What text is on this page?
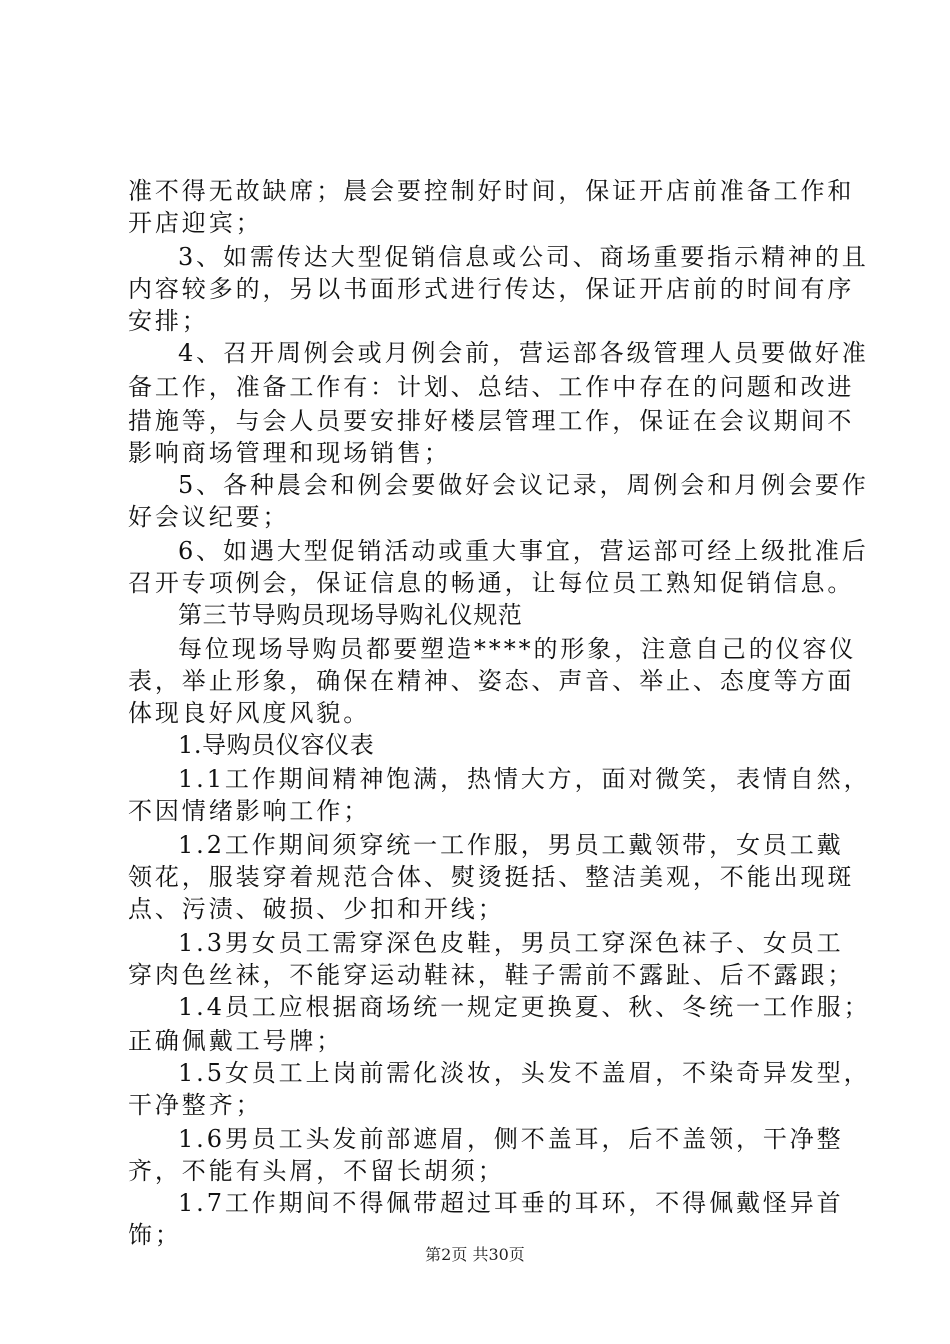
准不得无故缺席；晨会要控制好时间，保证开店前准备工作和
开店迎宾；
3、如需传达大型促销信息或公司、商场重要指示精神的且
内容较多的，另以书面形式进行传达，保证开店前的时间有序
安排；
4、召开周例会或月例会前，营运部各级管理人员要做好准
备工作，准备工作有：计划、总结、工作中存在的问题和改进
措施等，与会人员要安排好楼层管理工作，保证在会议期间不
影响商场管理和现场销售；
5、各种晨会和例会要做好会议记录，周例会和月例会要作
好会议纪要；
6、如遇大型促销活动或重大事宜，营运部可经上级批准后
召开专项例会，保证信息的畅通，让每位员工熟知促销信息。
第三节导购员现场导购礼仪规范
每位现场导购员都要塑造****的形象，注意自己的仪容仪
表，举止形象，确保在精神、姿态、声音、举止、态度等方面
体现良好风度风貌。
1.导购员仪容仪表
1.1工作期间精神饱满，热情大方，面对微笑，表情自然，
不因情绪影响工作；
1.2工作期间须穿统一工作服，男员工戴领带，女员工戴
领花，服装穿着规范合体、熨烫挺括、整洁美观，不能出现斑
点、污渍、破损、少扣和开线；
1.3男女员工需穿深色皮鞋，男员工穿深色袜子、女员工
穿肉色丝袜，不能穿运动鞋袜，鞋子需前不露趾、后不露跟；
1.4员工应根据商场统一规定更换夏、秋、冬统一工作服；
正确佩戴工号牌；
1.5女员工上岗前需化淡妆，头发不盖眉，不染奇异发型，
干净整齐；
1.6男员工头发前部遮眉，侧不盖耳，后不盖领，干净整
齐，不能有头屑，不留长胡须；
1.7工作期间不得佩带超过耳垂的耳环，不得佩戴怪异首
饰；
第2页 共30页
